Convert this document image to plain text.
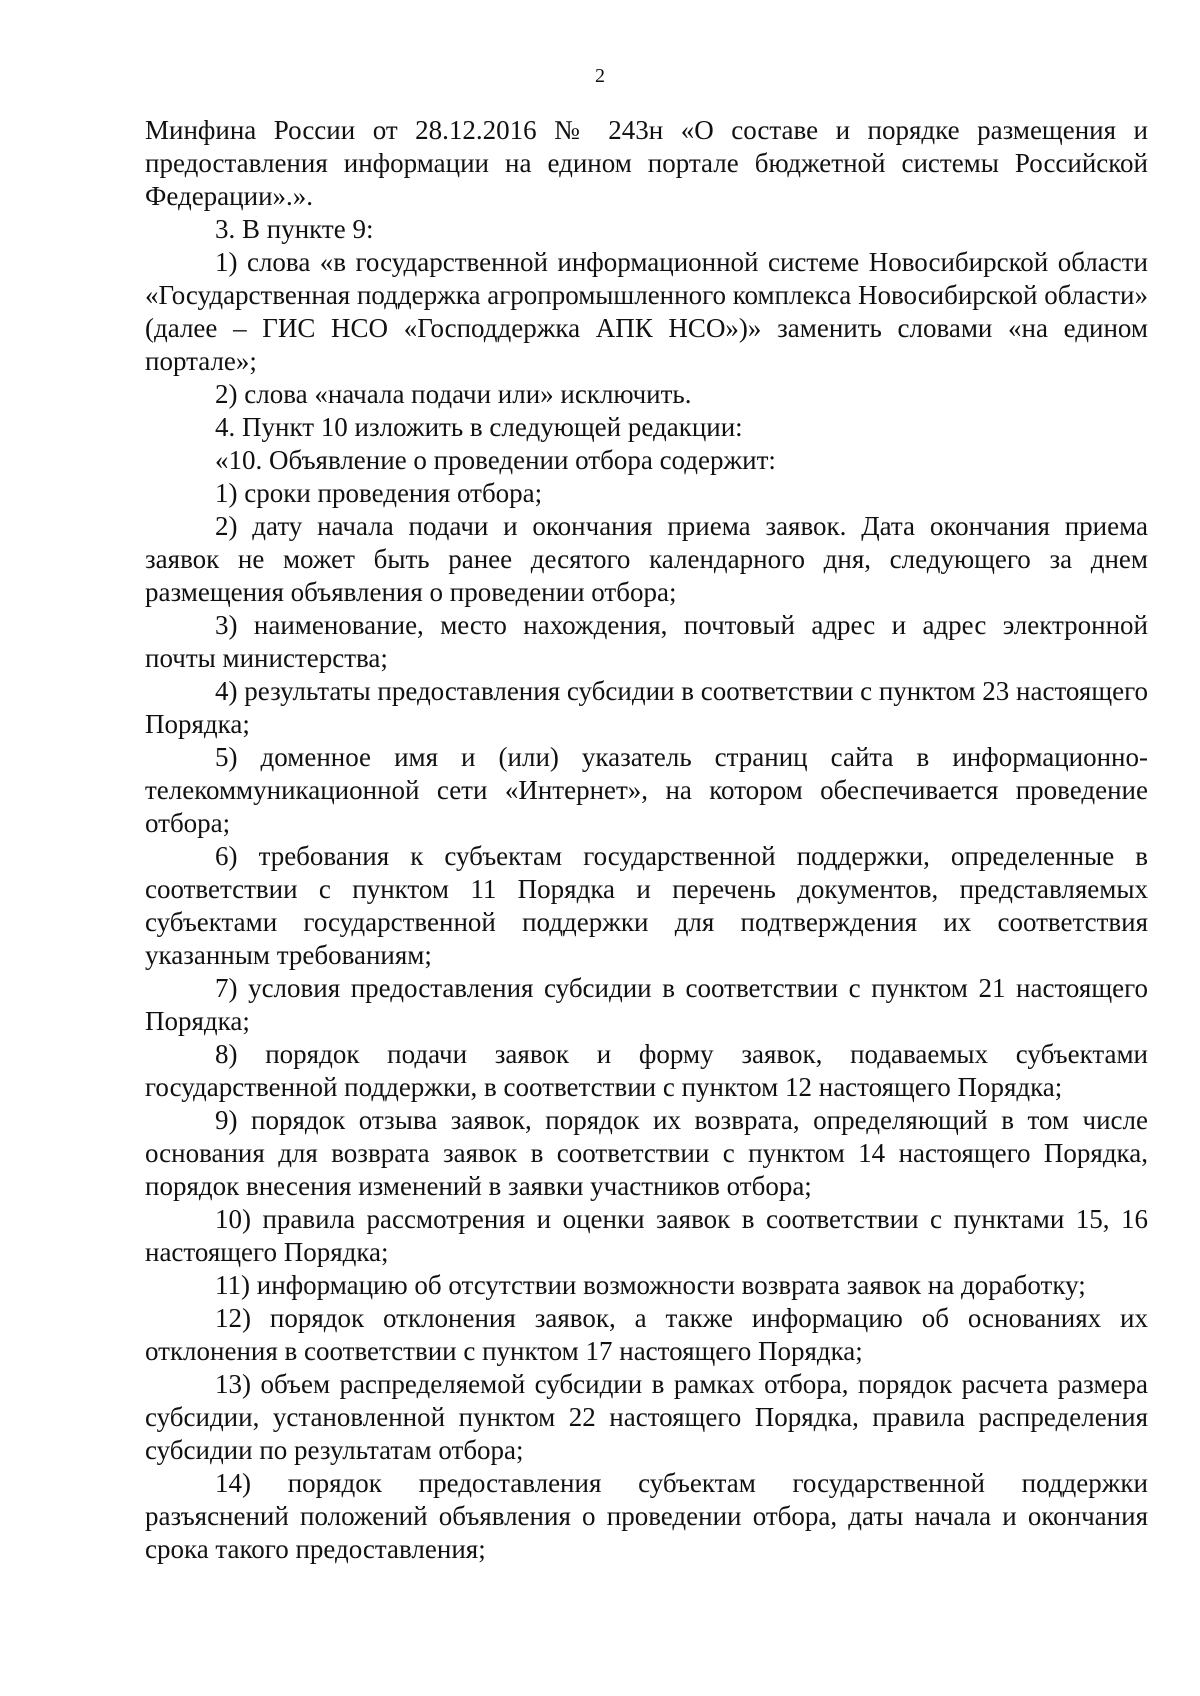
2

Минфина России от 28.12.2016 № 243н «О составе и порядке размещения и предоставления информации на едином портале бюджетной системы Российской Федерации».».

3. В пункте 9:

1) слова «в государственной информационной системе Новосибирской области «Государственная поддержка агропромышленного комплекса Новосибирской области» (далее – ГИС НСО «Господдержка АПК НСО»)» заменить словами «на едином портале»;

2) слова «начала подачи или» исключить.

4. Пункт 10 изложить в следующей редакции:

«10. Объявление о проведении отбора содержит:

1) сроки проведения отбора;

2) дату начала подачи и окончания приема заявок. Дата окончания приема заявок не может быть ранее десятого календарного дня, следующего за днем размещения объявления о проведении отбора;

3) наименование, место нахождения, почтовый адрес и адрес электронной почты министерства;

4) результаты предоставления субсидии в соответствии с пунктом 23 настоящего Порядка;

5) доменное имя и (или) указатель страниц сайта в информационно-телекоммуникационной сети «Интернет», на котором обеспечивается проведение отбора;

6) требования к субъектам государственной поддержки, определенные в соответствии с пунктом 11 Порядка и перечень документов, представляемых субъектами государственной поддержки для подтверждения их соответствия указанным требованиям;

7) условия предоставления субсидии в соответствии с пунктом 21 настоящего Порядка;

8) порядок подачи заявок и форму заявок, подаваемых субъектами государственной поддержки, в соответствии с пунктом 12 настоящего Порядка;

9) порядок отзыва заявок, порядок их возврата, определяющий в том числе основания для возврата заявок в соответствии с пунктом 14 настоящего Порядка, порядок внесения изменений в заявки участников отбора;

10) правила рассмотрения и оценки заявок в соответствии с пунктами 15, 16 настоящего Порядка;

11) информацию об отсутствии возможности возврата заявок на доработку;

12) порядок отклонения заявок, а также информацию об основаниях их отклонения в соответствии с пунктом 17 настоящего Порядка;

13) объем распределяемой субсидии в рамках отбора, порядок расчета размера субсидии, установленной пунктом 22 настоящего Порядка, правила распределения субсидии по результатам отбора;

14) порядок предоставления субъектам государственной поддержки разъяснений положений объявления о проведении отбора, даты начала и окончания срока такого предоставления;
